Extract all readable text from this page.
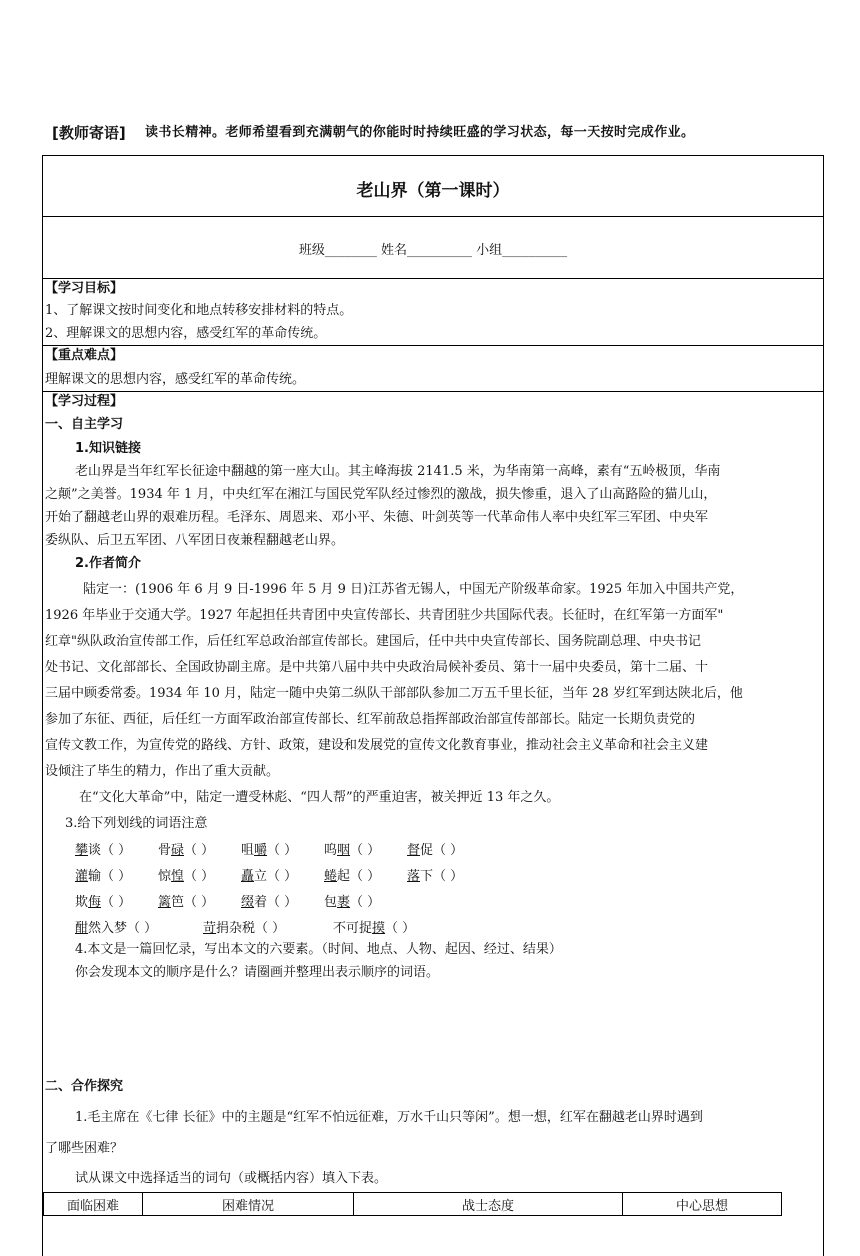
[教师寄语] 读书长精神。老师希望看到充满朝气的你能时时持续旺盛的学习状态，每一天按时完成作业。
老山界（第一课时）
班级________ 姓名__________ 小组__________
【学习目标】
1、了解课文按时间变化和地点转移安排材料的特点。
2、理解课文的思想内容，感受红军的革命传统。
【重点难点】
理解课文的思想内容，感受红军的革命传统。
【学习过程】
一、自主学习
1.知识链接
老山界是当年红军长征途中翻越的第一座大山。其主峰海拔 2141.5 米，为华南第一高峰，素有“五岭极顶，华南
之颠”之美誉。1934 年 1 月，中央红军在湘江与国民党军队经过惨烈的激战，损失惨重，退入了山高路险的猫儿山，
开始了翻越老山界的艰难历程。毛泽东、周恩来、邓小平、朱德、叶剑英等一代革命伟人率中央红军三军团、中央军
委纵队、后卫五军团、八军团日夜兼程翻越老山界。
2.作者简介
陆定一：(1906 年 6 月 9 日-1996 年 5 月 9 日)江苏省无锡人，中国无产阶级革命家。1925 年加入中国共产党，
1926 年毕业于交通大学。1927 年起担任共青团中央宣传部长、共青团驻少共国际代表。长征时，在红军第一方面军"
红章"纵队政治宣传部工作，后任红军总政治部宣传部长。建国后，任中共中央宣传部长、国务院副总理、中央书记
处书记、文化部部长、全国政协副主席。是中共第八届中共中央政治局候补委员、第十一届中央委员，第十二届、十
三届中顾委常委。1934 年 10 月，陆定一随中央第二纵队干部部队参加二万五千里长征，当年 28 岁红军到达陕北后，他
参加了东征、西征，后任红一方面军政治部宣传部长、红军前敌总指挥部政治部宣传部部长。陆定一长期负责党的
宣传文教工作，为宣传党的路线、方针、政策，建设和发展党的宣传文化教育事业，推动社会主义革命和社会主义建
设倾注了毕生的精力，作出了重大贡献。
在“文化大革命”中，陆定一遭受林彪、“四人帮”的严重迫害，被关押近 13 年之久。
3.给下列划线的词语注意
攀谈（ ） 骨碌（ ） 咀嚼（ ） 呜咽（ ） 督促（ ）
灌输（ ） 惊惶（ ） 矗立（ ） 蜷起（ ） 落下（ ）
欺侮（ ） 篱笆（ ） 缀着（ ） 包裹（ ）
酣然入梦（ ）	苛捐杂税（ ）	不可捉摸（ ）
4.本文是一篇回忆录，写出本文的六要素。（时间、地点、人物、起因、经过、结果）
你会发现本文的顺序是什么？请圈画并整理出表示顺序的词语。
二、合作探究
1.毛主席在《七律 长征》中的主题是“红军不怕远征难，万水千山只等闲”。想一想，红军在翻越老山界时遇到
了哪些困难？
试从课文中选择适当的词句（或概括内容）填入下表。
面临困难	困难情况	战士态度	中心思想
